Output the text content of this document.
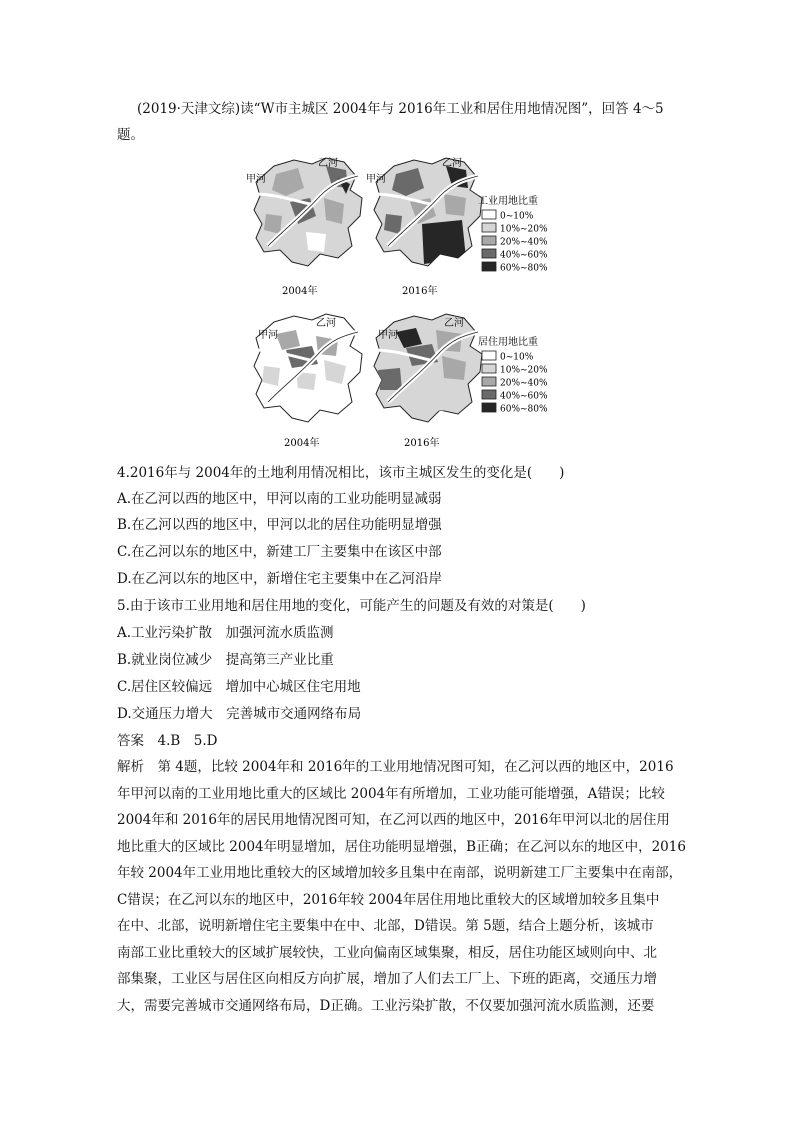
(2019·天津文综)读“W市主城区 2004年与 2016年工业和居住用地情况图”，回答 4～5
题。
甲河
乙河
2004年
甲河
乙河
2016年
工业用地比重
0~10%
10%~20%
20%~40%
40%~60%
60%~80%
甲河
乙河
2004年
甲河
乙河
2016年
居住用地比重
0~10%
10%~20%
20%~40%
40%~60%
60%~80%
4.2016年与 2004年的土地利用情况相比，该市主城区发生的变化是(　　)
A.在乙河以西的地区中，甲河以南的工业功能明显减弱
B.在乙河以西的地区中，甲河以北的居住功能明显增强
C.在乙河以东的地区中，新建工厂主要集中在该区中部
D.在乙河以东的地区中，新增住宅主要集中在乙河沿岸
5.由于该市工业用地和居住用地的变化，可能产生的问题及有效的对策是(　　)
A.工业污染扩散　加强河流水质监测
B.就业岗位减少　提高第三产业比重
C.居住区较偏远　增加中心城区住宅用地
D.交通压力增大　完善城市交通网络布局
答案　4.B　5.D
解析　第 4题，比较 2004年和 2016年的工业用地情况图可知，在乙河以西的地区中，2016
年甲河以南的工业用地比重大的区域比 2004年有所增加，工业功能可能增强，A错误；比较
2004年和 2016年的居民用地情况图可知，在乙河以西的地区中，2016年甲河以北的居住用
地比重大的区域比 2004年明显增加，居住功能明显增强，B正确；在乙河以东的地区中，2016
年较 2004年工业用地比重较大的区域增加较多且集中在南部，说明新建工厂主要集中在南部，
C错误；在乙河以东的地区中，2016年较 2004年居住用地比重较大的区域增加较多且集中
在中、北部，说明新增住宅主要集中在中、北部，D错误。第 5题，结合上题分析，该城市
南部工业比重较大的区域扩展较快，工业向偏南区域集聚，相反，居住功能区域则向中、北
部集聚，工业区与居住区向相反方向扩展，增加了人们去工厂上、下班的距离，交通压力增
大，需要完善城市交通网络布局，D正确。工业污染扩散，不仅要加强河流水质监测，还要
